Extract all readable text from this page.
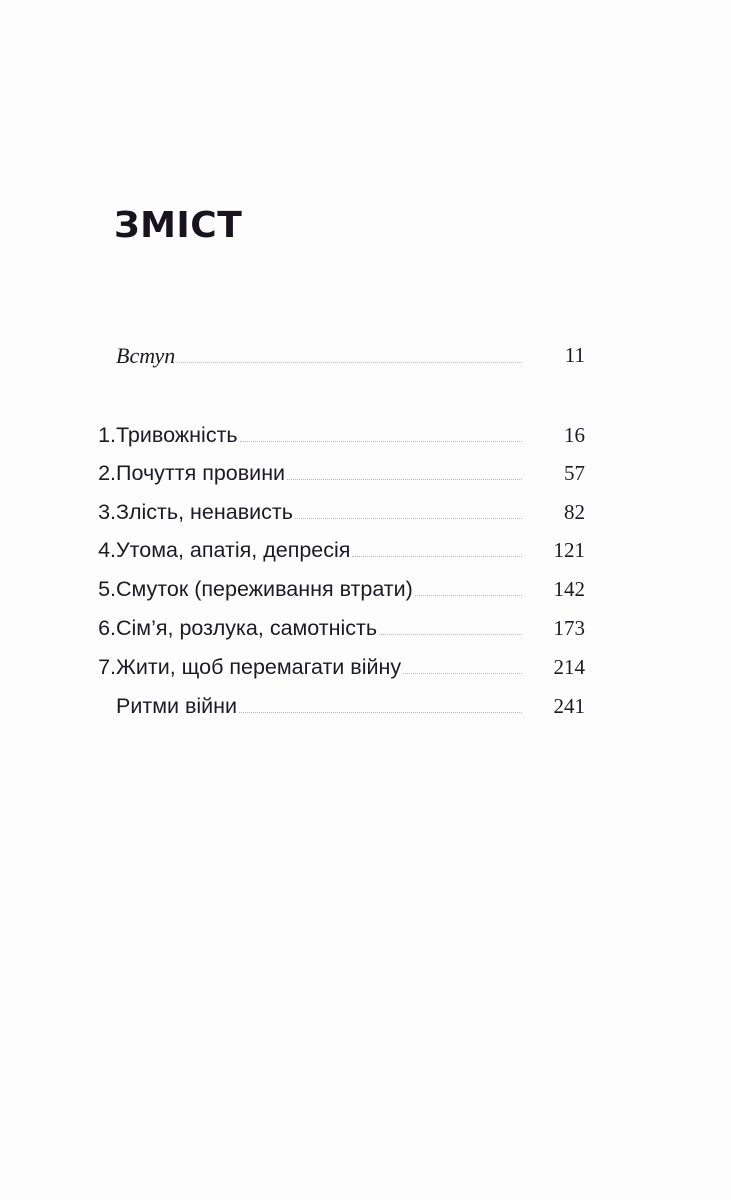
ЗМІСТ
Вступ	11
1. Тривожність	16
2. Почуття провини	57
3. Злість, ненависть	82
4. Утома, апатія, депресія	121
5. Смуток (переживання втрати)	142
6. Сім’я, розлука, самотність	173
7. Жити, щоб перемагати війну	214
Ритми війни	241
